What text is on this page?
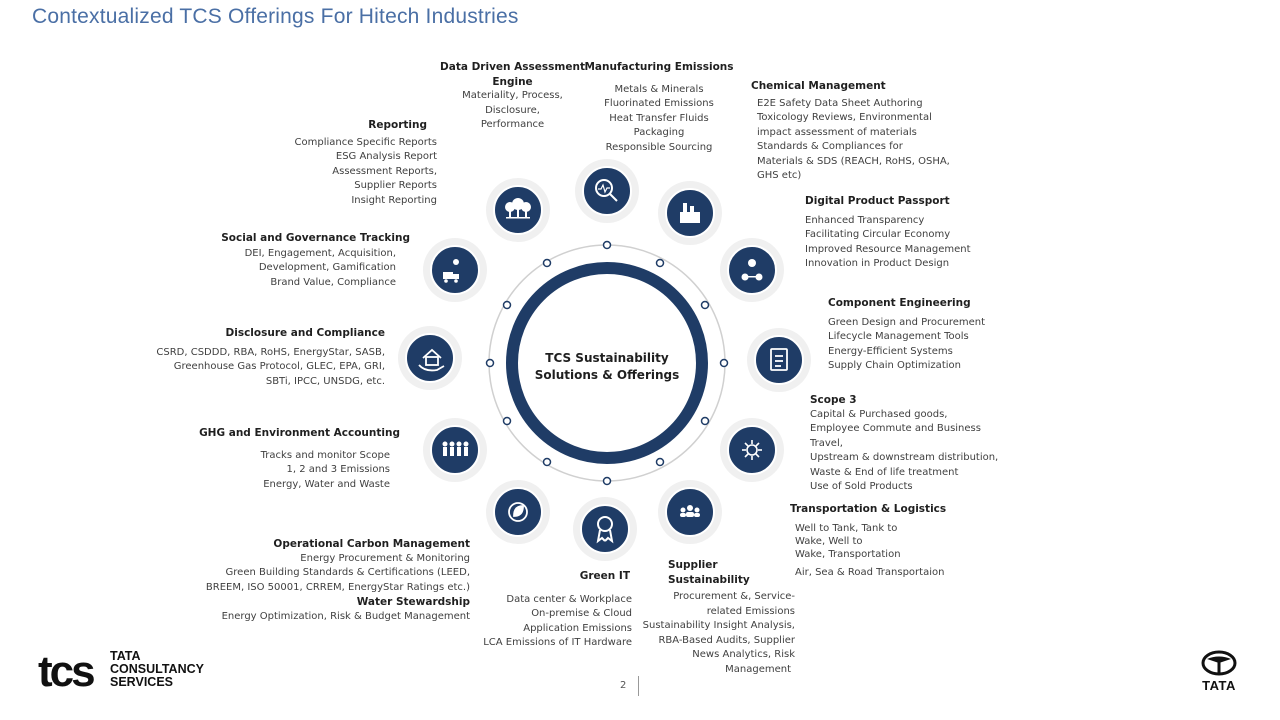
Contextualized TCS Offerings For Hitech Industries
TCS Sustainability
Solutions & Offerings
Data Driven Assessment
Engine
Materiality, Process,
Disclosure,
Performance
Manufacturing Emissions
Metals & Minerals
Fluorinated Emissions
Heat Transfer Fluids
Packaging
Responsible Sourcing
Chemical Management
E2E Safety Data Sheet Authoring
Toxicology Reviews, Environmental
impact assessment of materials
Standards & Compliances for
Materials & SDS (REACH, RoHS, OSHA,
GHS etc)
Digital Product Passport
Enhanced Transparency
Facilitating Circular Economy
Improved Resource Management
Innovation in Product Design
Component Engineering
Green Design and Procurement
Lifecycle Management Tools
Energy-Efficient Systems
Supply Chain Optimization
Scope 3
Capital & Purchased goods,
Employee Commute and Business
Travel,
Upstream & downstream distribution,
Waste & End of life treatment
Use of Sold Products
Transportation & Logistics
Well to Tank, Tank to
Wake, Well to
Wake, Transportation
Air, Sea & Road Transportaion
Supplier Sustainability
Procurement &, Service-
related Emissions
Sustainability Insight Analysis,
RBA-Based Audits, Supplier
News Analytics, Risk
Management
Green IT
Data center & Workplace
On-premise & Cloud
Application Emissions
LCA Emissions of IT Hardware
Operational Carbon Management
Energy Procurement & Monitoring
Green Building Standards & Certifications (LEED,
BREEM, ISO 50001, CRREM, EnergyStar Ratings etc.)
Water Stewardship
Energy Optimization, Risk & Budget Management
GHG and Environment Accounting
Tracks and monitor Scope
1, 2 and 3 Emissions
Energy, Water and Waste
Disclosure and Compliance
CSRD, CSDDD, RBA, RoHS, EnergyStar, SASB,
Greenhouse Gas Protocol, GLEC, EPA, GRI,
SBTi, IPCC, UNSDG, etc.
Social and Governance Tracking
DEI, Engagement, Acquisition,
Development, Gamification
Brand Value, Compliance
Reporting
Compliance Specific Reports
ESG Analysis Report
Assessment Reports,
Supplier Reports
Insight Reporting
tcs TATA
CONSULTANCY
SERVICES	2	TATA
